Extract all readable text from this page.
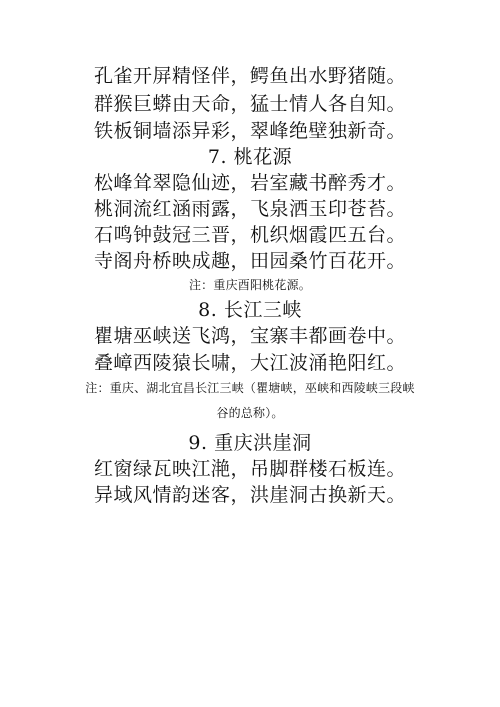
孔雀开屏精怪伴，鳄鱼出水野猪随。
群猴巨蟒由天命，猛士情人各自知。
铁板铜墙添异彩，翠峰绝壁独新奇。
7. 桃花源
松峰耸翠隐仙迹，岩室藏书醉秀才。
桃洞流红涵雨露，飞泉洒玉印苍苔。
石鸣钟鼓冠三晋，机织烟霞匹五台。
寺阁舟桥映成趣，田园桑竹百花开。
注：重庆酉阳桃花源。
8. 长江三峡
瞿塘巫峡送飞鸿，宝寨丰都画卷中。
叠嶂西陵猿长啸，大江波涌艳阳红。
注：重庆、湖北宜昌长江三峡（瞿塘峡，巫峡和西陵峡三段峡
谷的总称）。
9. 重庆洪崖洞
红窗绿瓦映江滟，吊脚群楼石板连。
异域风情韵迷客，洪崖洞古换新天。
